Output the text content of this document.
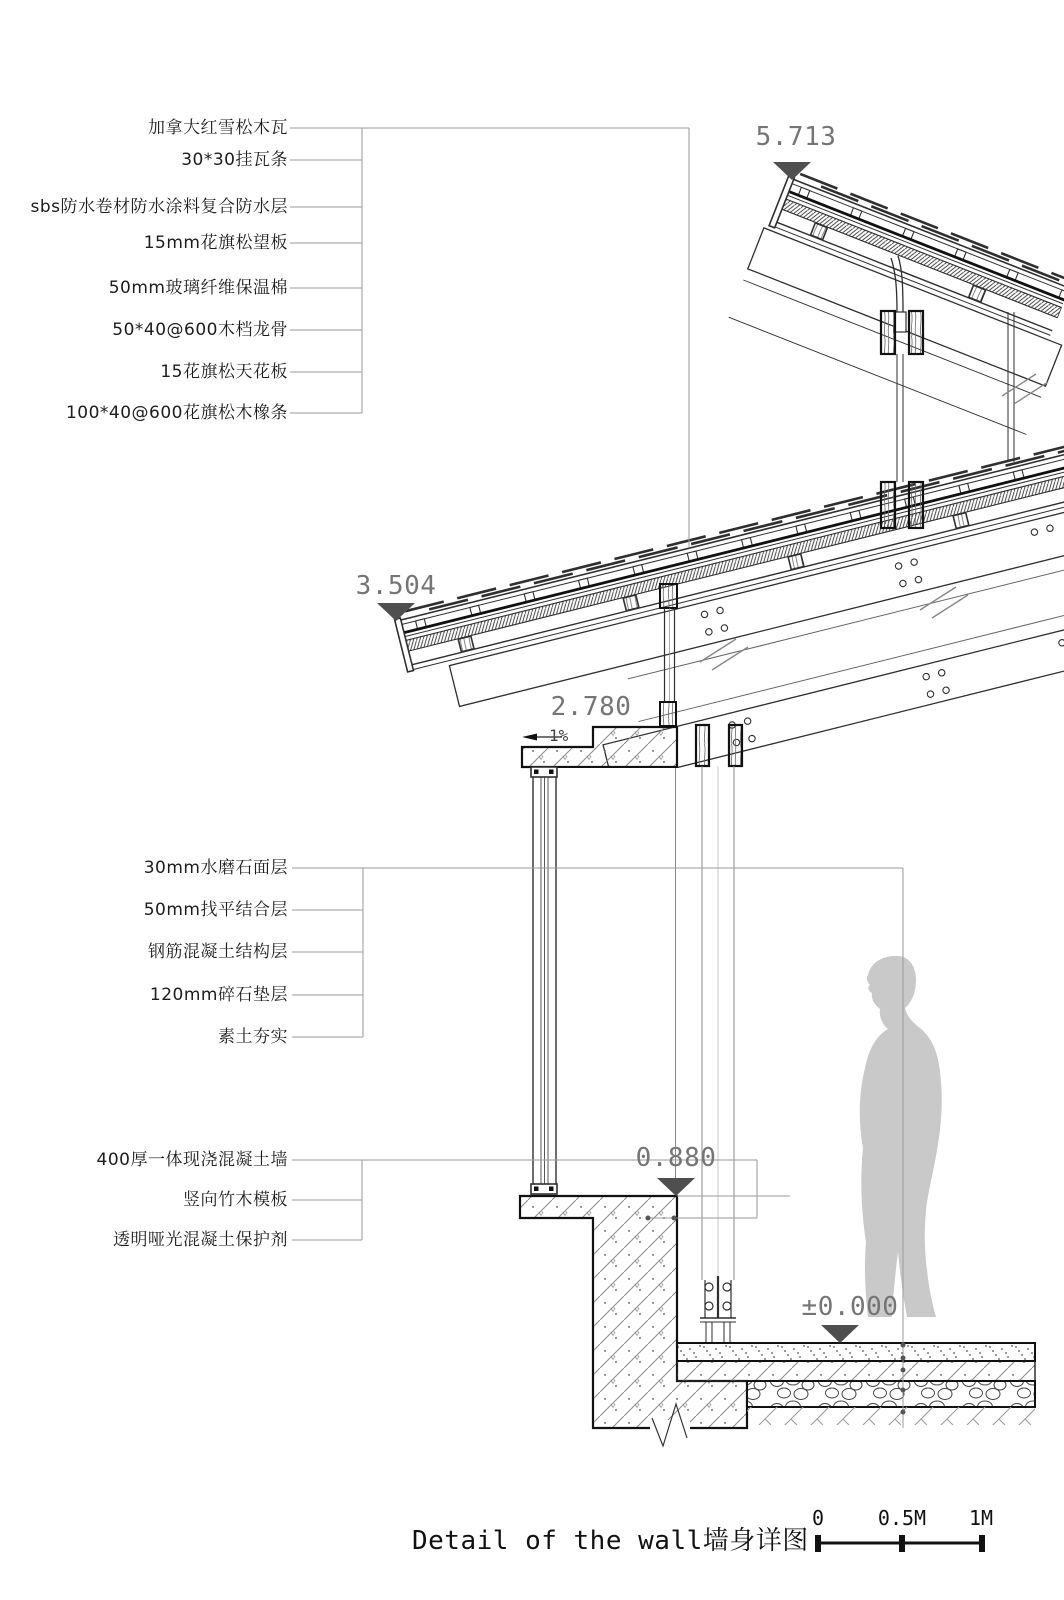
加拿大红雪松木瓦
30*30挂瓦条
sbs防水卷材防水涂料复合防水层
15mm花旗松望板
50mm玻璃纤维保温棉
50*40@600木档龙骨
15花旗松天花板
100*40@600花旗松木橡条
30mm水磨石面层
50mm找平结合层
钢筋混凝土结构层
120mm碎石垫层
素土夯实
400厚一体现浇混凝土墙
竖向竹木模板
透明哑光混凝土保护剂
5.713
3.504
2.780
0.880
±0.000
1%
Detail of the wall墙身详图
0	0.5M 1M
